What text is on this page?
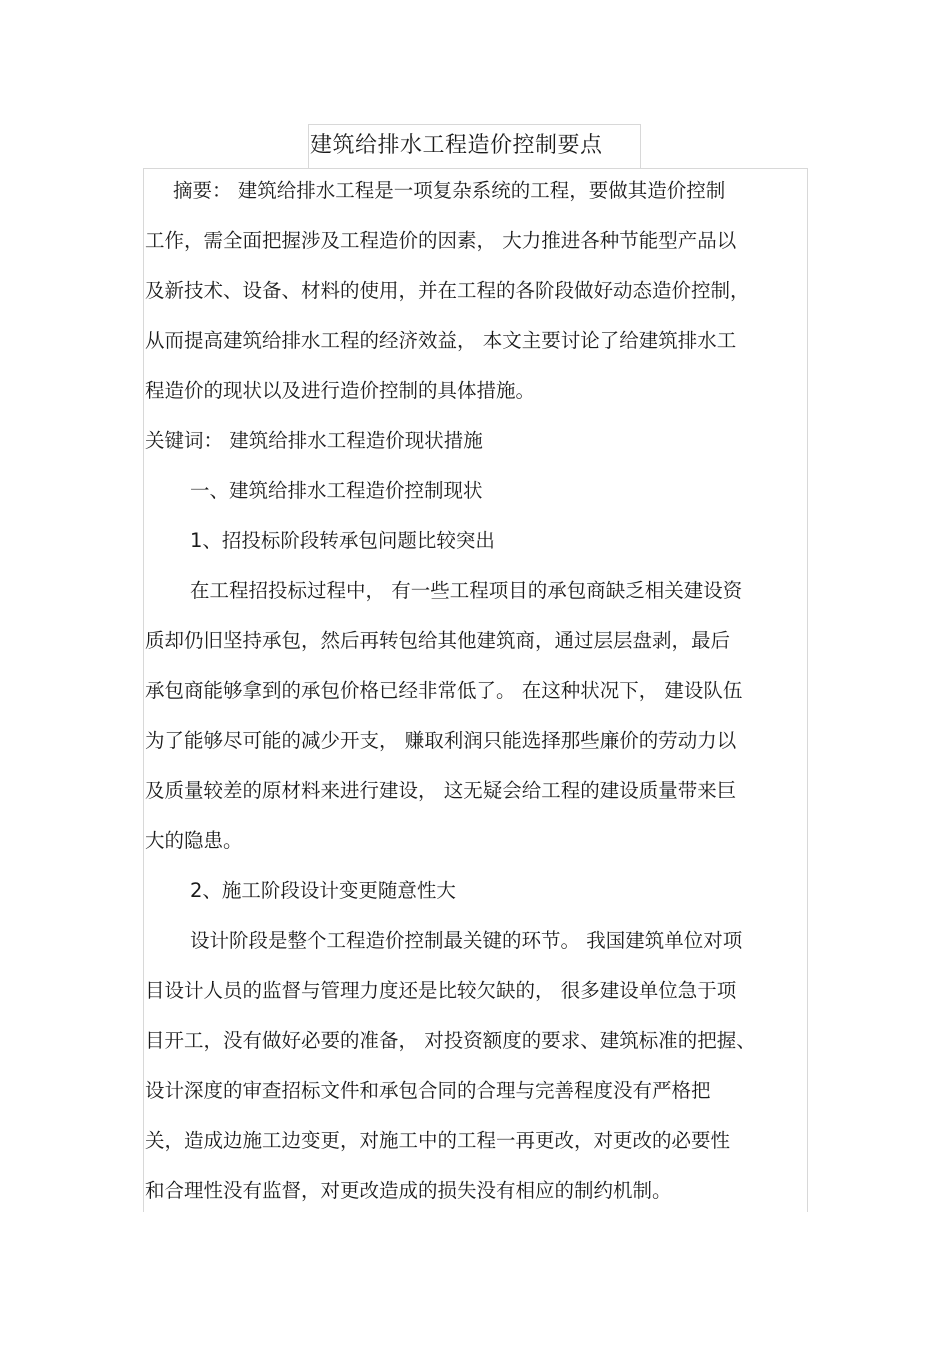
建筑给排水工程造价控制要点
摘要： 建筑给排水工程是一项复杂系统的工程，要做其造价控制
工作，需全面把握涉及工程造价的因素， 大力推进各种节能型产品以
及新技术、设备、材料的使用，并在工程的各阶段做好动态造价控制，
从而提高建筑给排水工程的经济效益， 本文主要讨论了给建筑排水工
程造价的现状以及进行造价控制的具体措施。
关键词： 建筑给排水工程造价现状措施
一、建筑给排水工程造价控制现状
1、招投标阶段转承包问题比较突出
在工程招投标过程中， 有一些工程项目的承包商缺乏相关建设资
质却仍旧坚持承包，然后再转包给其他建筑商，通过层层盘剥，最后
承包商能够拿到的承包价格已经非常低了。 在这种状况下， 建设队伍
为了能够尽可能的减少开支， 赚取利润只能选择那些廉价的劳动力以
及质量较差的原材料来进行建设， 这无疑会给工程的建设质量带来巨
大的隐患。
2、施工阶段设计变更随意性大
设计阶段是整个工程造价控制最关键的环节。 我国建筑单位对项
目设计人员的监督与管理力度还是比较欠缺的， 很多建设单位急于项
目开工，没有做好必要的准备， 对投资额度的要求、建筑标准的把握、
设计深度的审查招标文件和承包合同的合理与完善程度没有严格把
关，造成边施工边变更，对施工中的工程一再更改，对更改的必要性
和合理性没有监督，对更改造成的损失没有相应的制约机制。
